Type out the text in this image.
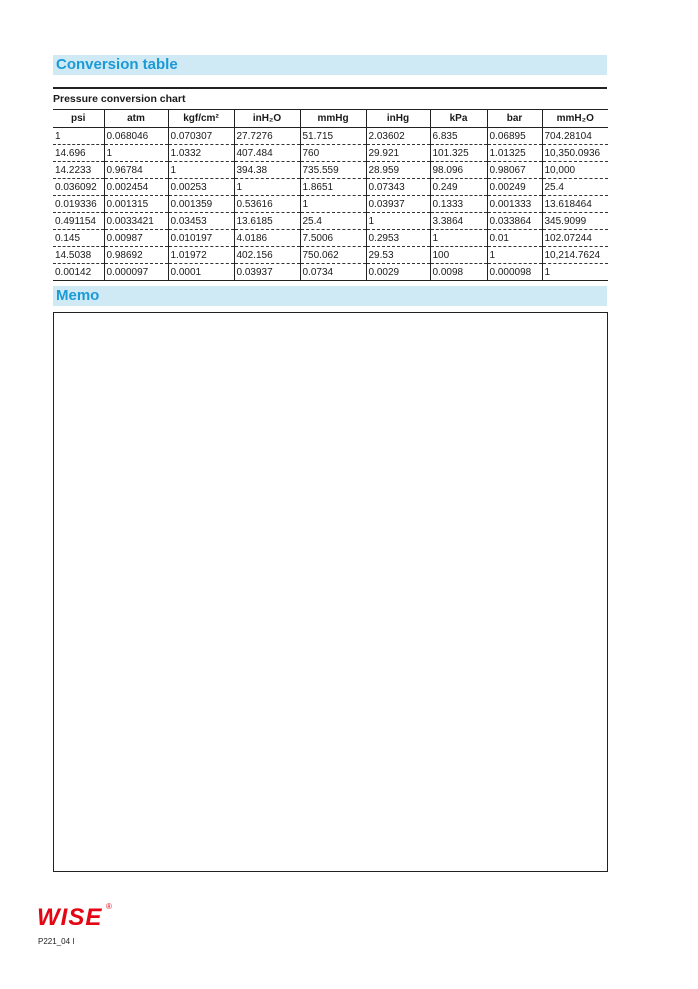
Conversion table
Pressure conversion chart
psi	atm	kgf/cm²	inH₂O	mmHg	inHg	kPa	bar	mmH₂O
1	0.068046	0.070307	27.7276	51.715	2.03602	6.835	0.06895	704.28104
14.696	1	1.0332	407.484	760	29.921	101.325	1.01325	10,350.0936
14.2233	0.96784	1	394.38	735.559	28.959	98.096	0.98067	10,000
0.036092	0.002454	0.00253	1	1.8651	0.07343	0.249	0.00249	25.4
0.019336	0.001315	0.001359	0.53616	1	0.03937	0.1333	0.001333	13.618464
0.491154	0.0033421	0.03453	13.6185	25.4	1	3.3864	0.033864	345.9099
0.145	0.00987	0.010197	4.0186	7.5006	0.2953	1	0.01	102.07244
14.5038	0.98692	1.01972	402.156	750.062	29.53	100	1	10,214.7624
0.00142	0.000097	0.0001	0.03937	0.0734	0.0029	0.0098	0.000098	1
Memo
WISE ®
P221_04 I
